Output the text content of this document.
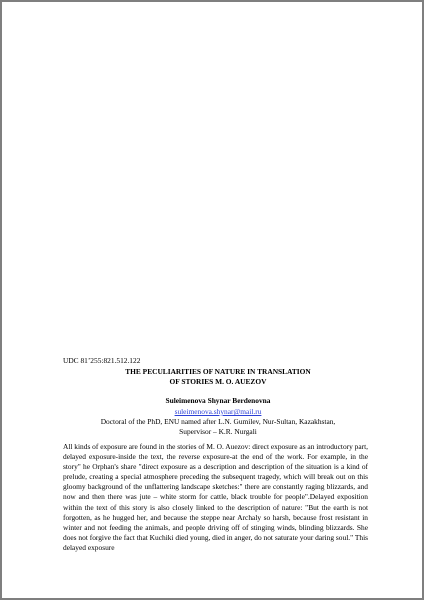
UDC 81’255:821.512.122
THE PECULIARITIES OF NATURE IN TRANSLATION
OF STORIES M. O. AUEZOV
Suleimenova Shynar Berdenovna
suleimenova.shynar@mail.ru
Doctoral of the PhD, ENU named after L.N. Gumilev, Nur-Sultan, Kazakhstan,
Supervisor – K.R. Nurgali

All kinds of exposure are found in the stories of M. O. Auezov: direct exposure as an introductory part, delayed exposure-inside the text, the reverse exposure-at the end of the work. For example, in the story" he Orphan's share "direct exposure as a description and description of the situation is a kind of prelude, creating a special atmosphere preceding the subsequent tragedy, which will break out on this gloomy background of the unflattering landscape sketches:" there are constantly raging blizzards, and now and then there was jute – white storm for cattle, black trouble for people".Delayed exposition within the text of this story is also closely linked to the description of nature: "But the earth is not forgotten, as he hugged her, and because the steppe near Archaly so harsh, because frost resistant in winter and not feeding the animals, and people driving off of stinging winds, blinding blizzards. She does not forgive the fact that Kuchiki died young, died in anger, do not saturate your daring soul." This delayed exposure
